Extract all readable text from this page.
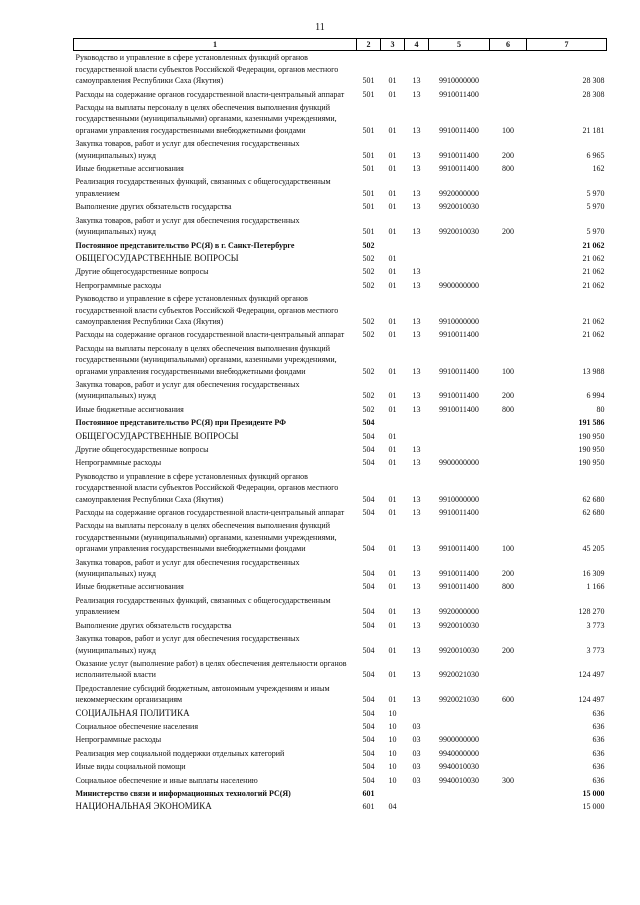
11
1	2	3	4	5	6	7
Руководство и управление в сфере установленных функций органов государственной власти субъектов Российской Федерации, органов местного самоуправления Республики Саха (Якутия)	501	01	13	9910000000		28 308
Расходы на содержание органов государственной власти-центральный аппарат	501	01	13	9910011400		28 308
Расходы на выплаты персоналу в целях обеспечения выполнения функций государственными (муниципальными) органами, казенными учреждениями, органами управления государственными внебюджетными фондами	501	01	13	9910011400	100	21 181
Закупка товаров, работ и услуг для обеспечения государственных (муниципальных) нужд	501	01	13	9910011400	200	6 965
Иные бюджетные ассигнования	501	01	13	9910011400	800	162
Реализация государственных функций, связанных с общегосударственным управлением	501	01	13	9920000000		5 970
Выполнение других обязательств государства	501	01	13	9920010030		5 970
Закупка товаров, работ и услуг для обеспечения государственных (муниципальных) нужд	501	01	13	9920010030	200	5 970
Постоянное представительство РС(Я) в г. Санкт-Петербурге	502					21 062
ОБЩЕГОСУДАРСТВЕННЫЕ ВОПРОСЫ	502	01				21 062
Другие общегосударственные вопросы	502	01	13			21 062
Непрограммные расходы	502	01	13	9900000000		21 062
Руководство и управление в сфере установленных функций органов государственной власти субъектов Российской Федерации, органов местного самоуправления Республики Саха (Якутия)	502	01	13	9910000000		21 062
Расходы на содержание органов государственной власти-центральный аппарат	502	01	13	9910011400		21 062
Расходы на выплаты персоналу в целях обеспечения выполнения функций государственными (муниципальными) органами, казенными учреждениями, органами управления государственными внебюджетными фондами	502	01	13	9910011400	100	13 988
Закупка товаров, работ и услуг для обеспечения государственных (муниципальных) нужд	502	01	13	9910011400	200	6 994
Иные бюджетные ассигнования	502	01	13	9910011400	800	80
Постоянное представительство РС(Я) при Президенте РФ	504					191 586
ОБЩЕГОСУДАРСТВЕННЫЕ ВОПРОСЫ	504	01				190 950
Другие общегосударственные вопросы	504	01	13			190 950
Непрограммные расходы	504	01	13	9900000000		190 950
Руководство и управление в сфере установленных функций органов государственной власти субъектов Российской Федерации, органов местного самоуправления Республики Саха (Якутия)	504	01	13	9910000000		62 680
Расходы на содержание органов государственной власти-центральный аппарат	504	01	13	9910011400		62 680
Расходы на выплаты персоналу в целях обеспечения выполнения функций государственными (муниципальными) органами, казенными учреждениями, органами управления государственными внебюджетными фондами	504	01	13	9910011400	100	45 205
Закупка товаров, работ и услуг для обеспечения государственных (муниципальных) нужд	504	01	13	9910011400	200	16 309
Иные бюджетные ассигнования	504	01	13	9910011400	800	1 166
Реализация государственных функций, связанных с общегосударственным управлением	504	01	13	9920000000		128 270
Выполнение других обязательств государства	504	01	13	9920010030		3 773
Закупка товаров, работ и услуг для обеспечения государственных (муниципальных) нужд	504	01	13	9920010030	200	3 773
Оказание услуг (выполнение работ) в целях обеспечения деятельности органов исполнительной власти	504	01	13	9920021030		124 497
Предоставление субсидий бюджетным, автономным учреждениям и иным некоммерческим организациям	504	01	13	9920021030	600	124 497
СОЦИАЛЬНАЯ ПОЛИТИКА	504	10				636
Социальное обеспечение населения	504	10	03			636
Непрограммные расходы	504	10	03	9900000000		636
Реализация мер социальной поддержки отдельных категорий	504	10	03	9940000000		636
Иные виды социальной помощи	504	10	03	9940010030		636
Социальное обеспечение и иные выплаты населению	504	10	03	9940010030	300	636
Министерство связи и информационных технологий РС(Я)	601					15 000
НАЦИОНАЛЬНАЯ ЭКОНОМИКА	601	04				15 000
